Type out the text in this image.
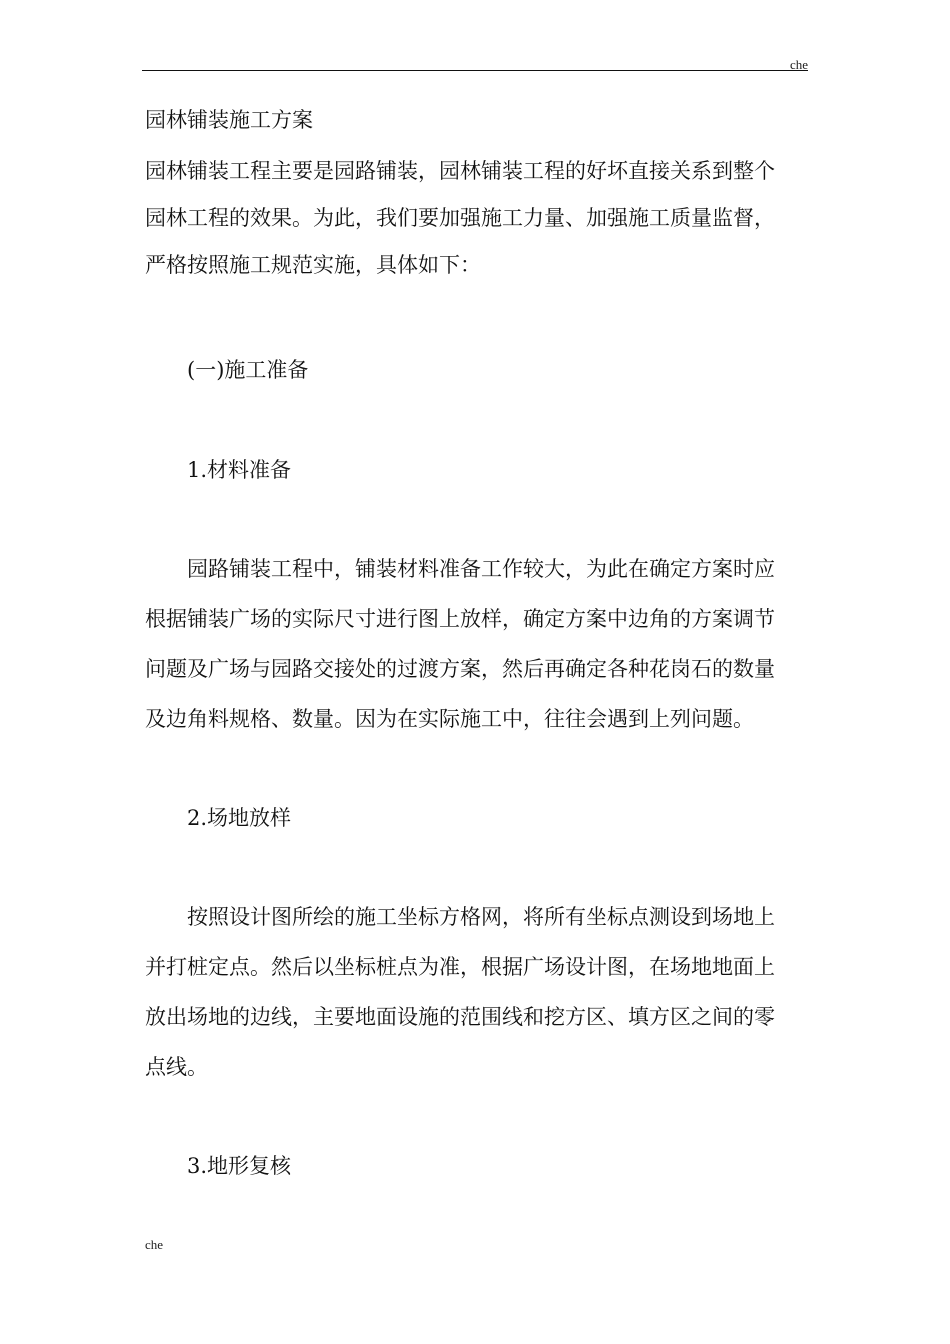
che
园林铺装施工方案
园林铺装工程主要是园路铺装，园林铺装工程的好坏直接关系到整个
园林工程的效果。为此，我们要加强施工力量、加强施工质量监督，
严格按照施工规范实施，具体如下：
(一)施工准备
1.材料准备
园路铺装工程中，铺装材料准备工作较大，为此在确定方案时应
根据铺装广场的实际尺寸进行图上放样，确定方案中边角的方案调节
问题及广场与园路交接处的过渡方案，然后再确定各种花岗石的数量
及边角料规格、数量。因为在实际施工中，往往会遇到上列问题。
2.场地放样
按照设计图所绘的施工坐标方格网，将所有坐标点测设到场地上
并打桩定点。然后以坐标桩点为准，根据广场设计图，在场地地面上
放出场地的边线，主要地面设施的范围线和挖方区、填方区之间的零
点线。
3.地形复核
che
